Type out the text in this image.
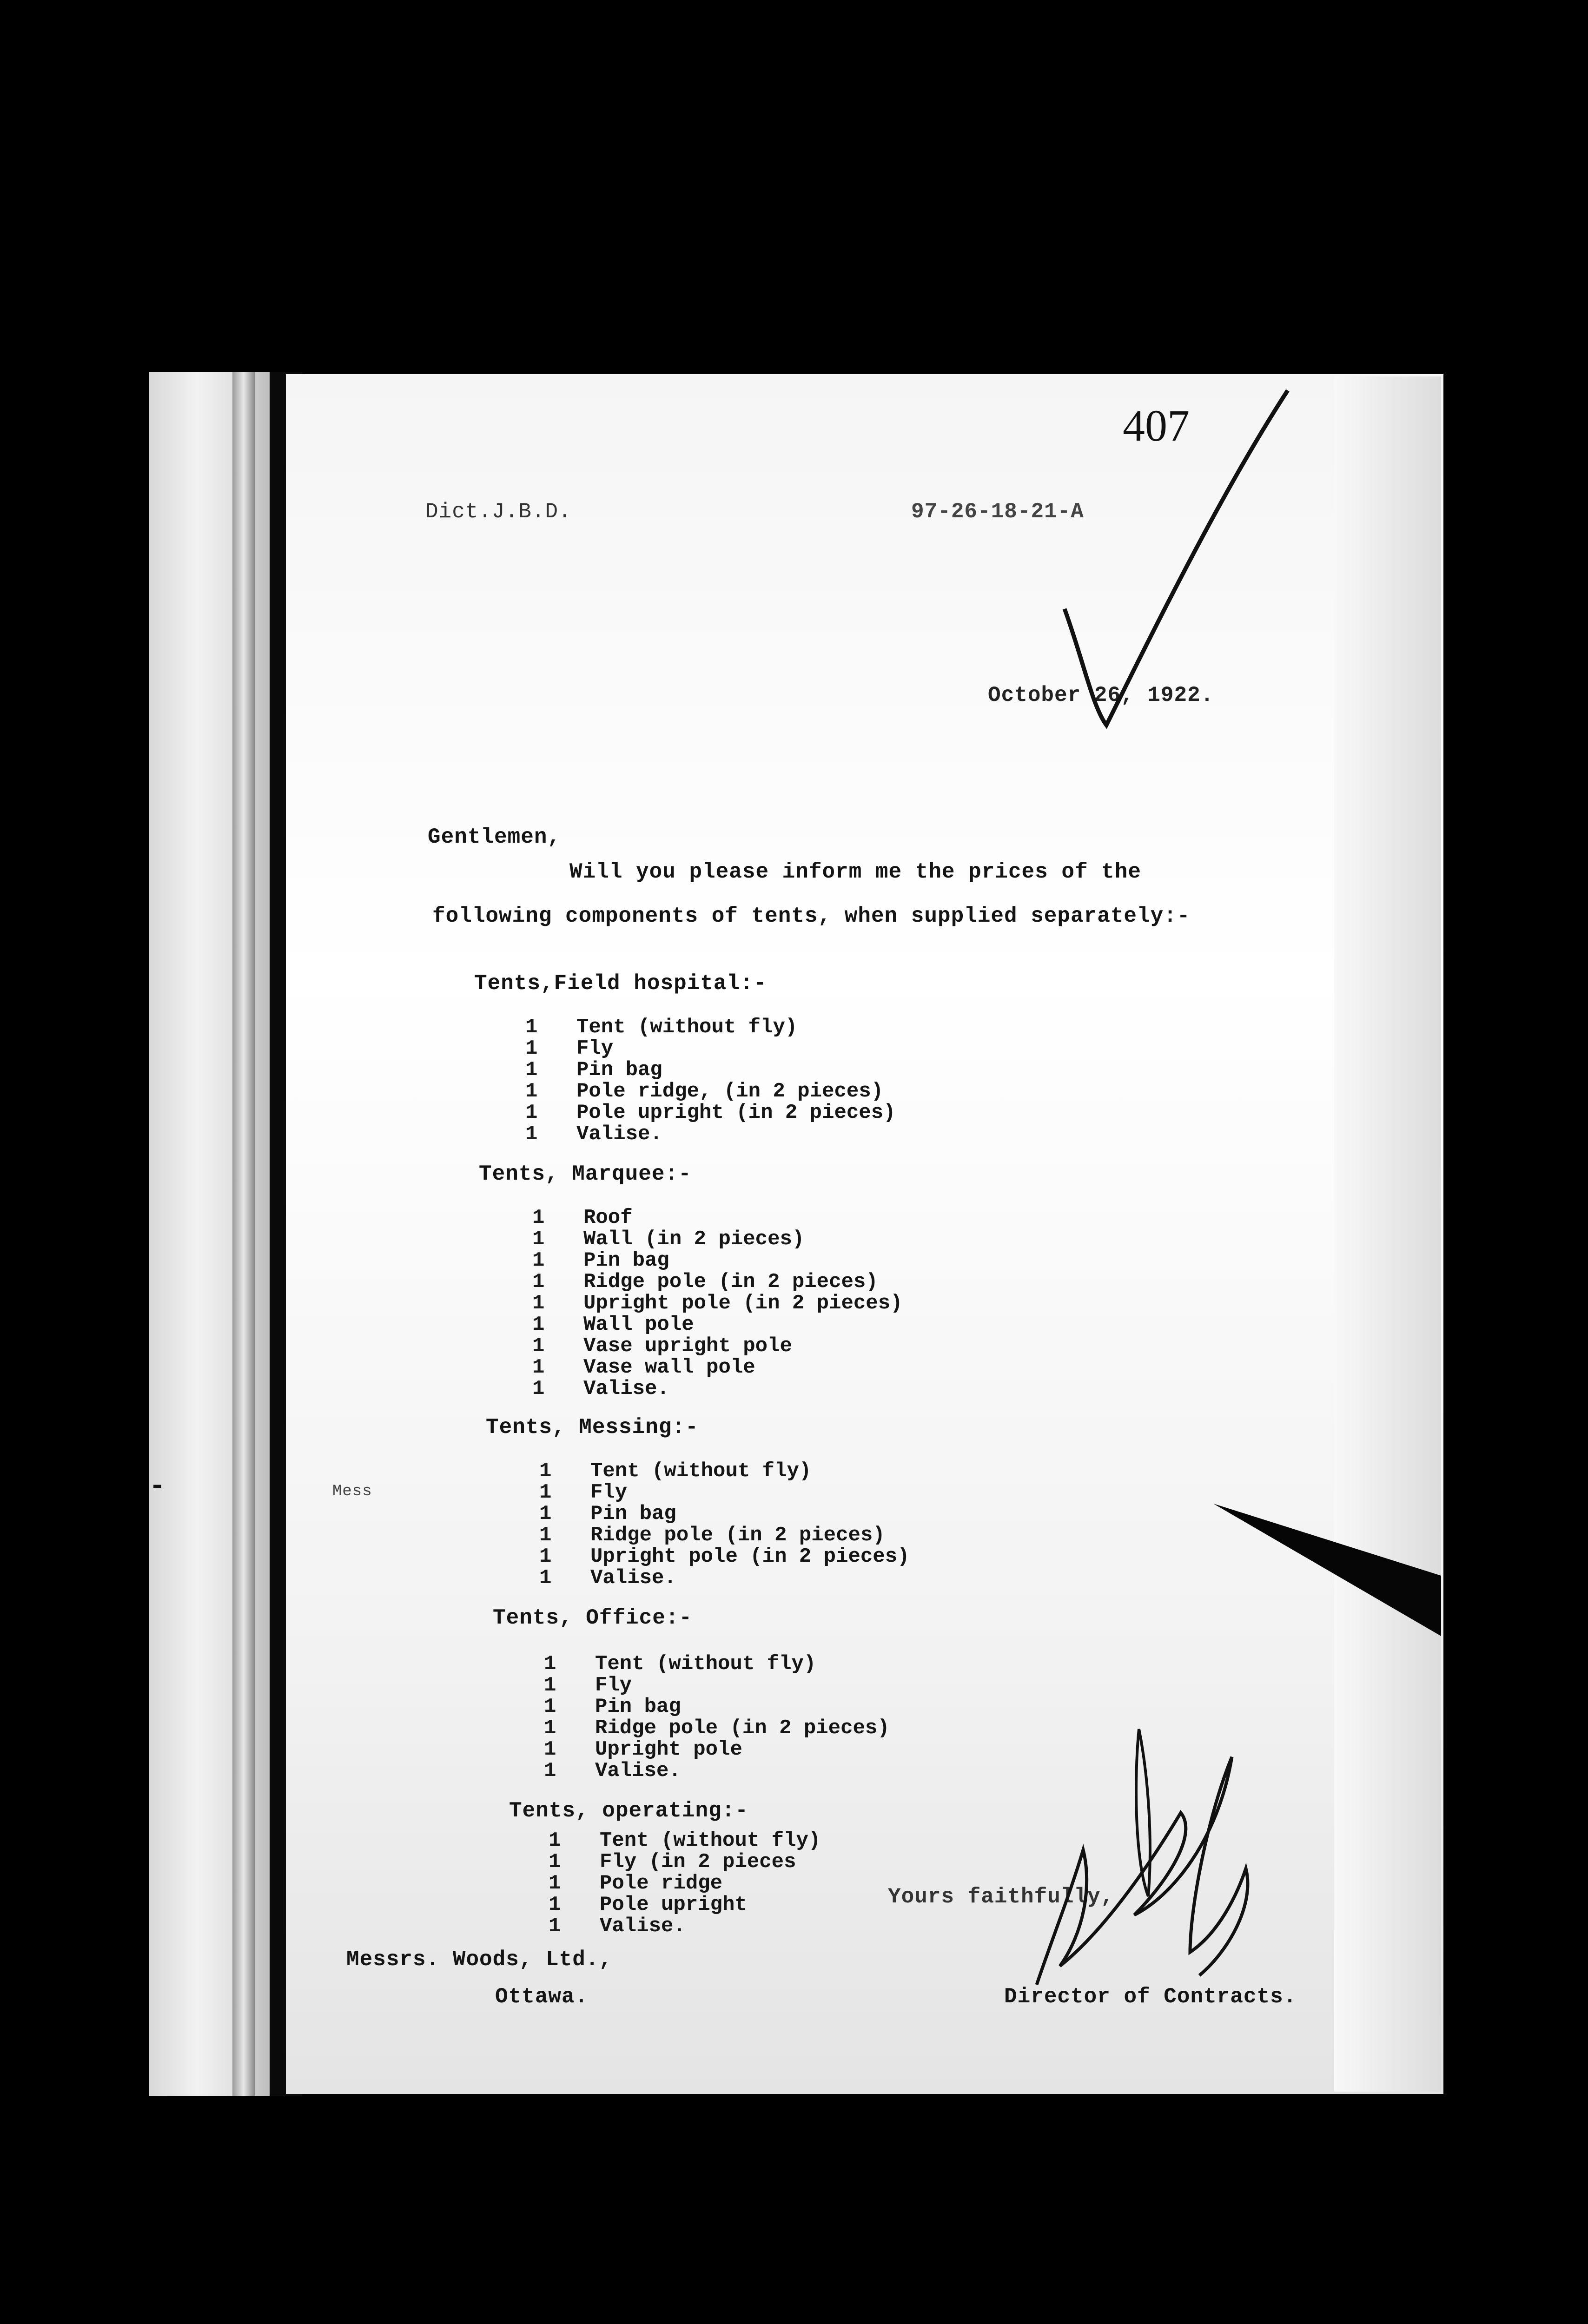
▬
407
Dict.J.B.D.	97-26-18-21-A
October 26, 1922.
Gentlemen,
Will you please inform me the prices of the
following components of tents, when supplied separately:-
Mess
Tents,Field hospital:-
1	Tent (without fly)
1	Fly
1	Pin bag
1	Pole ridge, (in 2 pieces)
1	Pole upright (in 2 pieces)
1	Valise.
Tents, Marquee:-
1	Roof
1	Wall (in 2 pieces)
1	Pin bag
1	Ridge pole (in 2 pieces)
1	Upright pole (in 2 pieces)
1	Wall pole
1	Vase upright pole
1	Vase wall pole
1	Valise.
Tents, Messing:-
1	Tent (without fly)
1	Fly
1	Pin bag
1	Ridge pole (in 2 pieces)
1	Upright pole (in 2 pieces)
1	Valise.
Tents, Office:-
1	Tent (without fly)
1	Fly
1	Pin bag
1	Ridge pole (in 2 pieces)
1	Upright pole
1	Valise.
Tents, operating:-
1	Tent (without fly)
1	Fly (in 2 pieces
1	Pole ridge
1	Pole upright
1	Valise.
Messrs. Woods, Ltd.,
Ottawa.
Yours faithfully,
Director of Contracts.
